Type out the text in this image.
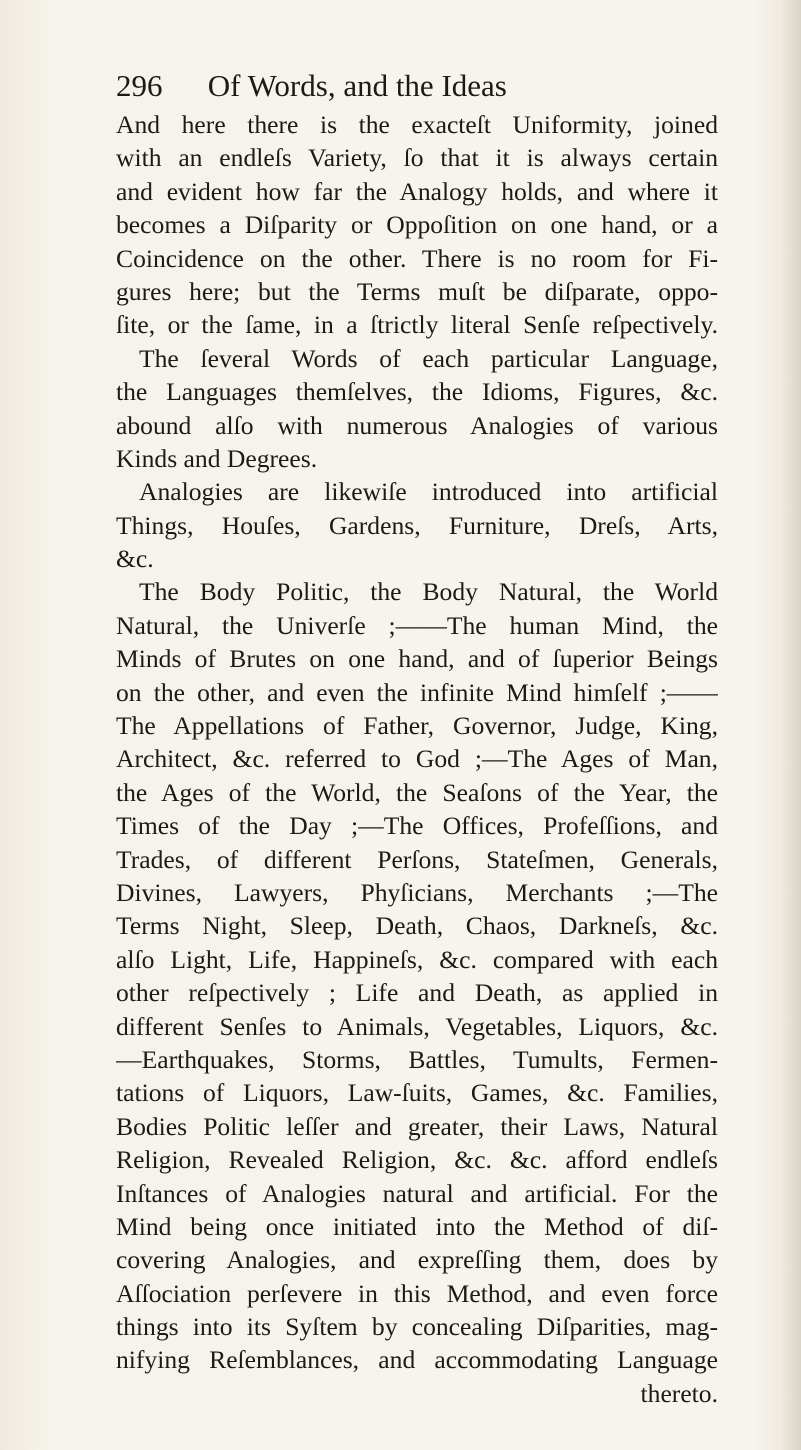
296 Of Words, and the Ideas
And here there is the exacteſt Uniformity, joined
with an endleſs Variety, ſo that it is always certain
and evident how far the Analogy holds, and where it
becomes a Diſparity or Oppoſition on one hand, or a
Coincidence on the other. There is no room for Fi-
gures here; but the Terms muſt be diſparate, oppo-
ſite, or the ſame, in a ſtrictly literal Senſe reſpectively.
The ſeveral Words of each particular Language,
the Languages themſelves, the Idioms, Figures, &c.
abound alſo with numerous Analogies of various
Kinds and Degrees.
Analogies are likewiſe introduced into artificial
Things, Houſes, Gardens, Furniture, Dreſs, Arts,
&c.
The Body Politic, the Body Natural, the World
Natural, the Univerſe ;——The human Mind, the
Minds of Brutes on one hand, and of ſuperior Beings
on the other, and even the infinite Mind himſelf ;——
The Appellations of Father, Governor, Judge, King,
Architect, &c. referred to God ;—The Ages of Man,
the Ages of the World, the Seaſons of the Year, the
Times of the Day ;—The Offices, Profeſſions, and
Trades, of different Perſons, Stateſmen, Generals,
Divines, Lawyers, Phyſicians, Merchants ;—The
Terms Night, Sleep, Death, Chaos, Darkneſs, &c.
alſo Light, Life, Happineſs, &c. compared with each
other reſpectively ; Life and Death, as applied in
different Senſes to Animals, Vegetables, Liquors, &c.
—Earthquakes, Storms, Battles, Tumults, Fermen-
tations of Liquors, Law-ſuits, Games, &c. Families,
Bodies Politic leſſer and greater, their Laws, Natural
Religion, Revealed Religion, &c. &c. afford endleſs
Inſtances of Analogies natural and artificial. For the
Mind being once initiated into the Method of diſ-
covering Analogies, and expreſſing them, does by
Aſſociation perſevere in this Method, and even force
things into its Syſtem by concealing Diſparities, mag-
nifying Reſemblances, and accommodating Language
thereto.
